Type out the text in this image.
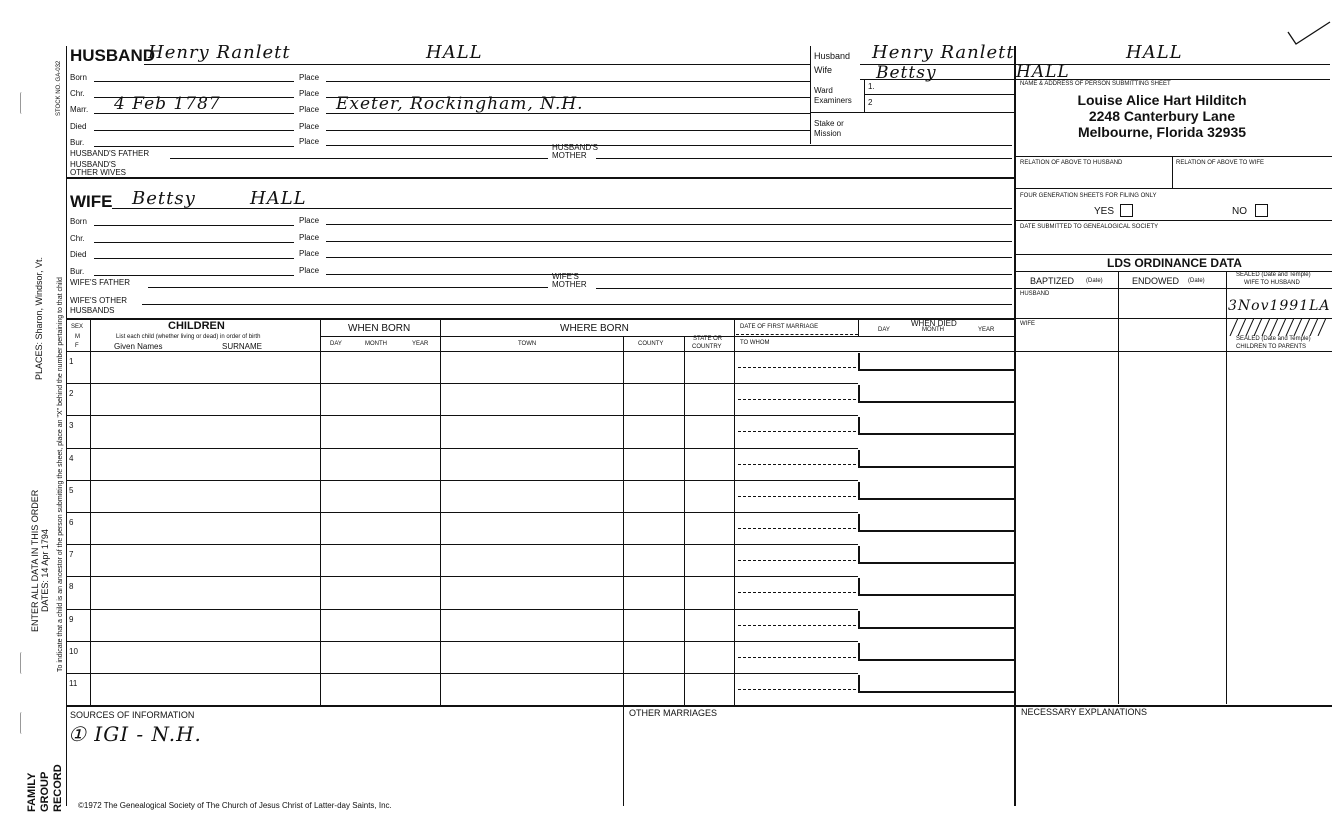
STOCK NO. GA-032
PLACES: Sharon, Windsor, Vt. To indicate that a child is an ancestor of the person submitting the sheet, place an "X" behind the number pertaining to that child
ENTER ALL DATA IN THIS ORDER DATES: 14 Apr 1794
FAMILY GROUP RECORD
HUSBAND
Henry Ranlett	HALL
Born	Place
Chr.	Place
Marr. 4 Feb 1787	Place Exeter, Rockingham, N.H.
Died	Place
Bur.	Place
HUSBAND'S FATHER
HUSBAND'S
MOTHER
HUSBAND'S
OTHER WIVES
WIFE Bettsy	HALL
Born	Place
Chr.	Place
Died	Place
Bur.	Place
WIFE'S FATHER
WIFE'S
MOTHER
WIFE'S OTHER
HUSBANDS
Husband Henry Ranlett	HALL
Wife	Bettsy	HALL
Ward
Examiners
1.
2
Stake or
Mission
NAME & ADDRESS OF PERSON SUBMITTING SHEET
Louise Alice Hart Hilditch
2248 Canterbury Lane
Melbourne, Florida 32935
RELATION OF ABOVE TO HUSBAND	RELATION OF ABOVE TO WIFE
FOUR GENERATION SHEETS FOR FILING ONLY
YES	NO
DATE SUBMITTED TO GENEALOGICAL SOCIETY
LDS ORDINANCE DATA
BAPTIZED (Date)	ENDOWED (Date)
SEALED (Date and Temple)
WIFE TO HUSBAND
HUSBAND
3Nov1991LA
WIFE
SEALED (Date and Temple)
CHILDREN TO PARENTS
SEX
M
F
CHILDREN
List each child (whether living or dead) in order of birth
Given Names	SURNAME
WHEN BORN
DAY	MONTH	YEAR
WHERE BORN
TOWN	COUNTY
STATE OR
COUNTRY
DATE OF FIRST MARRIAGE
TO WHOM
DAY
WHEN DIED
MONTH	YEAR
1
2
3
4
5
6
7
8
9
10
11
SOURCES OF INFORMATION
① IGI - N.H.
OTHER MARRIAGES	NECESSARY EXPLANATIONS
©1972 The Genealogical Society of The Church of Jesus Christ of Latter-day Saints, Inc.
